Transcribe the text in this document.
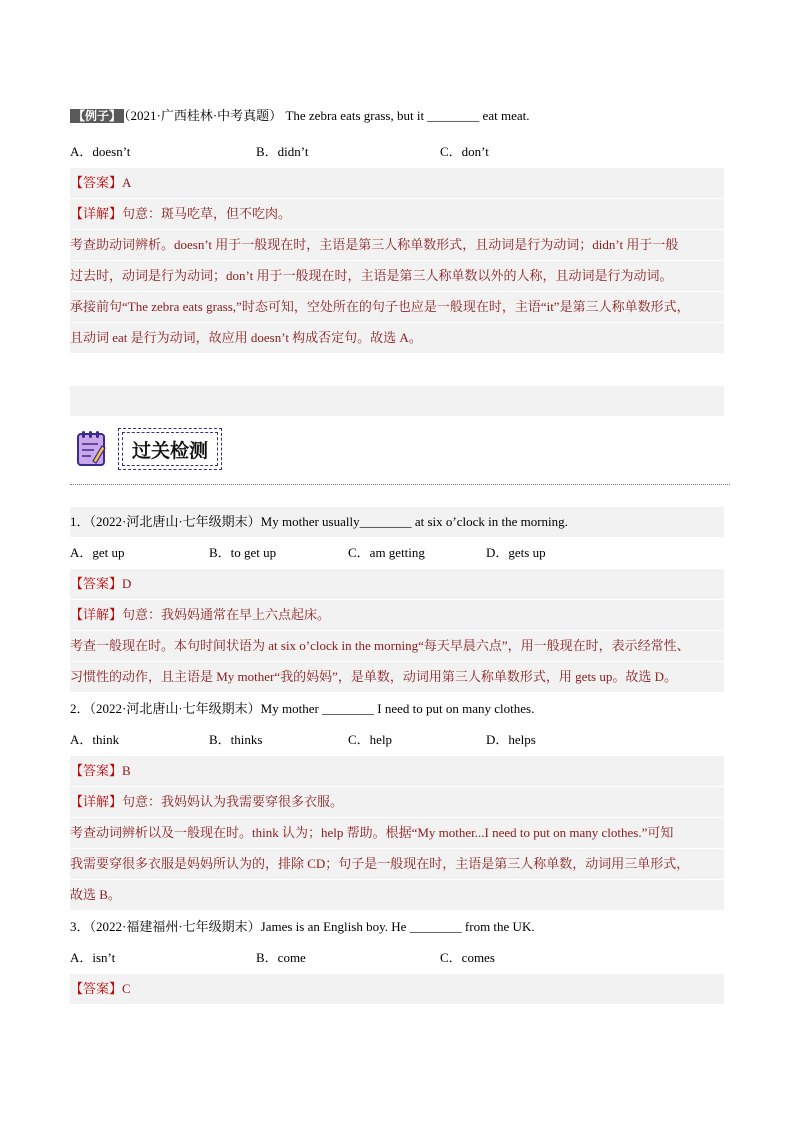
【例子】 （2021·广西桂林·中考真题） The zebra eats grass, but it ________ eat meat.
A．doesn’t	B．didn’t	C．don’t
【答案】A
【详解】句意：斑马吃草，但不吃肉。
考查助动词辨析。doesn’t 用于一般现在时，主语是第三人称单数形式，且动词是行为动词；didn’t 用于一般
过去时，动词是行为动词；don’t 用于一般现在时，主语是第三人称单数以外的人称，且动词是行为动词。
承接前句“The zebra eats grass,”时态可知，空处所在的句子也应是一般现在时，主语“it”是第三人称单数形式，
且动词 eat 是行为动词，故应用 doesn’t 构成否定句。故选 A。
过关检测
1．（2022·河北唐山·七年级期末）My mother usually________ at six o’clock in the morning.
A．get up	B．to get up	C．am getting	D．gets up
【答案】D
【详解】句意：我妈妈通常在早上六点起床。
考查一般现在时。本句时间状语为 at six o’clock in the morning“每天早晨六点”，用一般现在时，表示经常性、
习惯性的动作，且主语是 My mother“我的妈妈”，是单数，动词用第三人称单数形式，用 gets up。故选 D。
2．（2022·河北唐山·七年级期末）My mother ________ I need to put on many clothes.
A．think	B．thinks	C．help	D．helps
【答案】B
【详解】句意：我妈妈认为我需要穿很多衣服。
考查动词辨析以及一般现在时。think 认为；help 帮助。根据“My mother...I need to put on many clothes.”可知
我需要穿很多衣服是妈妈所认为的，排除 CD；句子是一般现在时，主语是第三人称单数，动词用三单形式，
故选 B。
3．（2022·福建福州·七年级期末）James is an English boy. He ________ from the UK.
A．isn’t	B．come	C．comes
【答案】C
